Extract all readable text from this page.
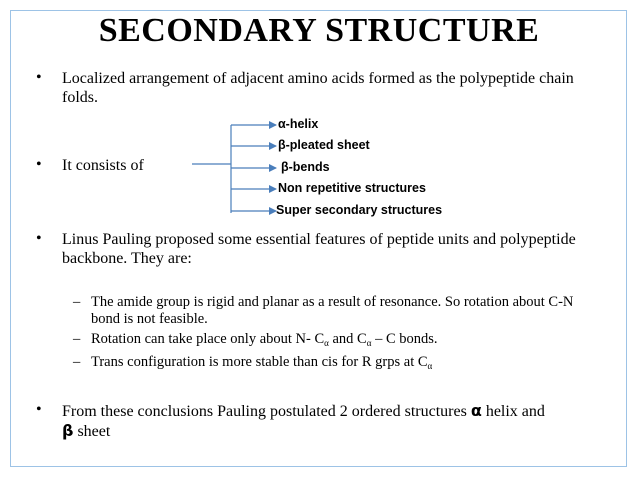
SECONDARY STRUCTURE
• Localized arrangement of adjacent amino acids formed as the polypeptide chain folds.
• It consists of
α-helix
β-pleated sheet
β-bends
Non repetitive structures
Super secondary structures
• Linus Pauling proposed some essential features of peptide units and polypeptide backbone. They are:
– The amide group is rigid and planar as a result of resonance. So rotation about C-N bond is not feasible.
– Rotation can take place only about N- $C_\alpha$ and $C_\alpha$ – C bonds.
– Trans configuration is more stable than cis for R grps at $C_\alpha$
• From these conclusions Pauling postulated 2 ordered structures α helix and
β sheet
